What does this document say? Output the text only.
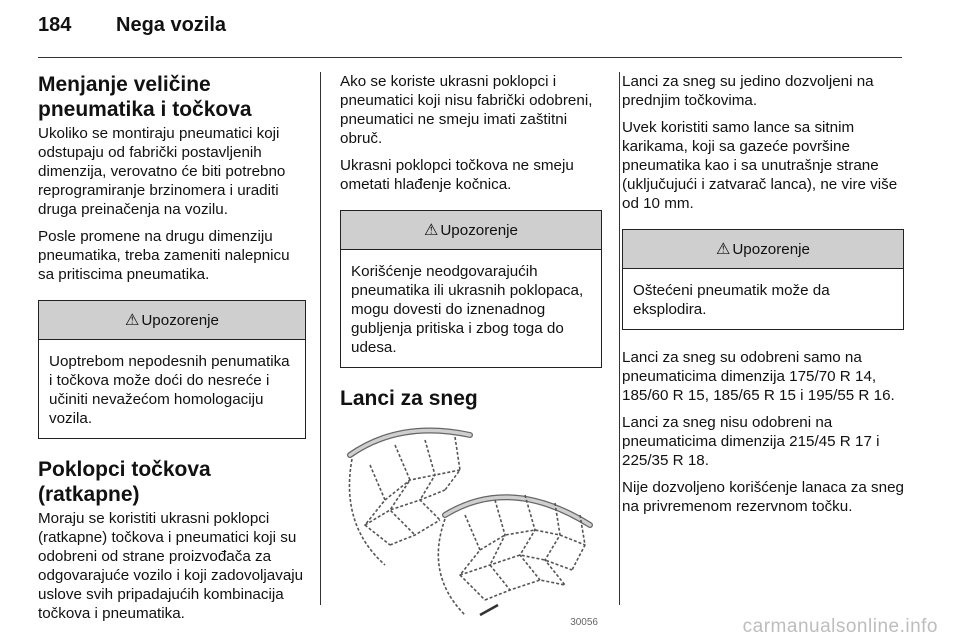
184	Nega vozila
Menjanje veličine pneumatika i točkova

Ukoliko se montiraju pneumatici koji odstupaju od fabrički postavljenih dimenzija, verovatno će biti potrebno reprogramiranje brzinomera i uraditi druga preinačenja na vozilu.

Posle promene na drugu dimenziju pneumatika, treba zameniti nalepnicu sa pritiscima pneumatika.

⚠ Upozorenje
Uoptrebom nepodesnih penumatika i točkova može doći do nesreće i učiniti nevažećom homologaciju vozila.
Poklopci točkova (ratkapne)

Moraju se koristiti ukrasni poklopci (ratkapne) točkova i pneumatici koji su odobreni od strane proizvođača za odgovarajuće vozilo i koji zadovoljavaju uslove svih pripadajućih kombinacija točkova i pneumatika.

Ako se koriste ukrasni poklopci i pneumatici koji nisu fabrički odobreni, pneumatici ne smeju imati zaštitni obruč.

Ukrasni poklopci točkova ne smeju ometati hlađenje kočnica.

⚠ Upozorenje
Korišćenje neodgovarajućih pneumatika ili ukrasnih poklopaca, mogu dovesti do iznenadnog gubljenja pritiska i zbog toga do udesa.
Lanci za sneg
30056

Lanci za sneg su jedino dozvoljeni na prednjim točkovima.

Uvek koristiti samo lance sa sitnim karikama, koji sa gazeće površine pneumatika kao i sa unutrašnje strane (uključujući i zatvarač lanca), ne vire više od 10 mm.

⚠ Upozorenje
Oštećeni pneumatik može da eksplodira.

Lanci za sneg su odobreni samo na pneumaticima dimenzija 175/70 R 14, 185/60 R 15, 185/65 R 15 i 195/55 R 16.

Lanci za sneg nisu odobreni na pneumaticima dimenzija 215/45 R 17 i 225/35 R 18.

Nije dozvoljeno korišćenje lanaca za sneg na privremenom rezervnom točku.

carmanualsonline.info
